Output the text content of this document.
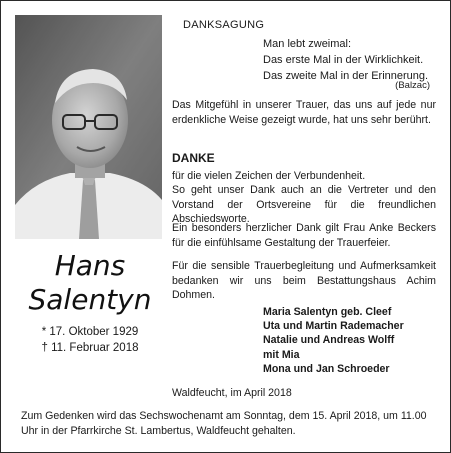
Hans
Salentyn
* 17. Oktober 1929
† 11. Februar 2018
DANKSAGUNG
Man lebt zweimal:
Das erste Mal in der Wirklichkeit.
Das zweite Mal in der Erinnerung.
(Balzac)
Das Mitgefühl in unserer Trauer, das uns auf jede nur erdenkliche Weise gezeigt wurde, hat uns sehr berührt.
DANKE
für die vielen Zeichen der Verbundenheit.
So geht unser Dank auch an die Vertreter und den Vorstand der Ortsvereine für die freundlichen Abschiedsworte.
Ein besonders herzlicher Dank gilt Frau Anke Beckers für die einfühlsame Gestaltung der Trauerfeier.
Für die sensible Trauerbegleitung und Aufmerksamkeit bedanken wir uns beim Bestattungshaus Achim Dohmen.
Maria Salentyn geb. Cleef
Uta und Martin Rademacher
Natalie und Andreas Wolff
mit Mia
Mona und Jan Schroeder
Waldfeucht, im April 2018
Zum Gedenken wird das Sechswochenamt am Sonntag, dem 15. April 2018, um 11.00 Uhr in der Pfarrkirche St. Lambertus, Waldfeucht gehalten.
